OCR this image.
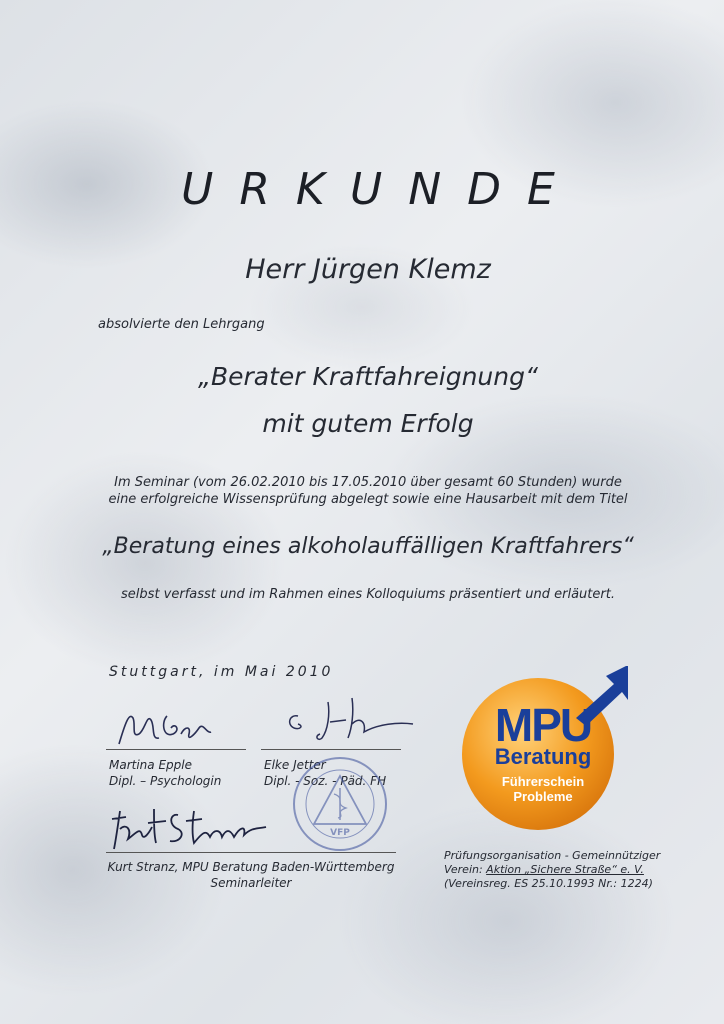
URKUNDE
Herr Jürgen Klemz
absolvierte den Lehrgang
„Berater Kraftfahreignung“
mit gutem Erfolg
Im Seminar (vom 26.02.2010 bis 17.05.2010 über gesamt 60 Stunden) wurde
eine erfolgreiche Wissensprüfung abgelegt sowie eine Hausarbeit mit dem Titel
„Beratung eines alkoholauffälligen Kraftfahrers“
selbst verfasst und im Rahmen eines Kolloquiums präsentiert und erläutert.
Stuttgart, im Mai 2010
Martina Epple
Dipl. – Psychologin
Elke Jetter
Dipl. - Soz. - Päd. FH
VFP
Kurt Stranz, MPU Beratung Baden-Württemberg
Seminarleiter
MPU
Beratung
Führerschein
Probleme
Prüfungsorganisation - Gemeinnütziger
Verein: Aktion „Sichere Straße“ e. V.
(Vereinsreg. ES 25.10.1993 Nr.: 1224)
